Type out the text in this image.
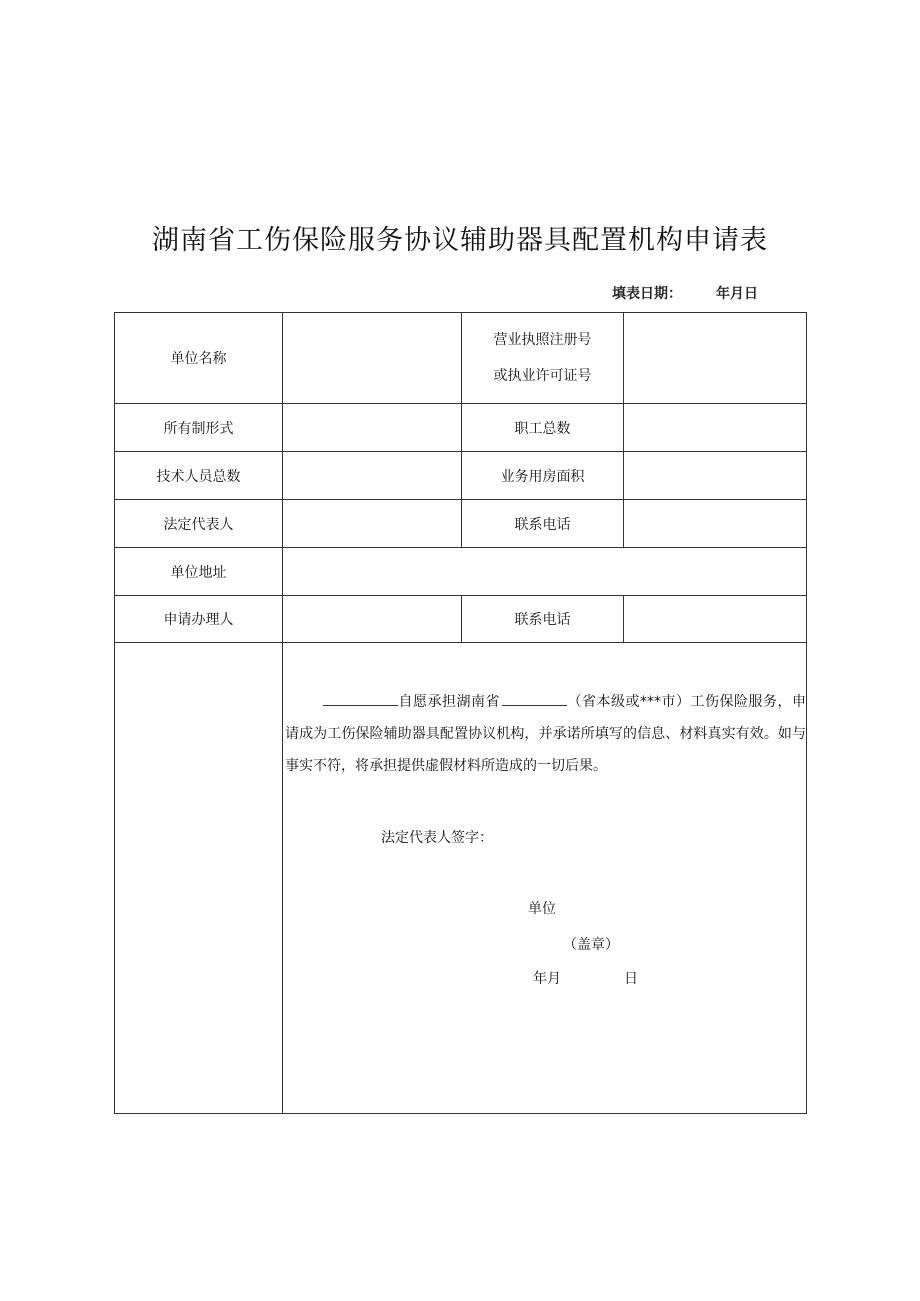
湖南省工伤保险服务协议辅助器具配置机构申请表
填表日期： 年月日
单位名称		营业执照注册号
或执业许可证号	

所有制形式		职工总数	
技术人员总数		业务用房面积	
法定代表人		联系电话	
单位地址			
申请办理人		联系电话	

	自愿承担湖南省 （省本级或***市）工伤保险服务，申请成为工伤保险辅助器具配置协议机构，并承诺所填写的信息、材料真实有效。如与事实不符，将承担提供虚假材料所造成的一切后果。
法定代表人签字：
单位
（盖章）
年月 日		
